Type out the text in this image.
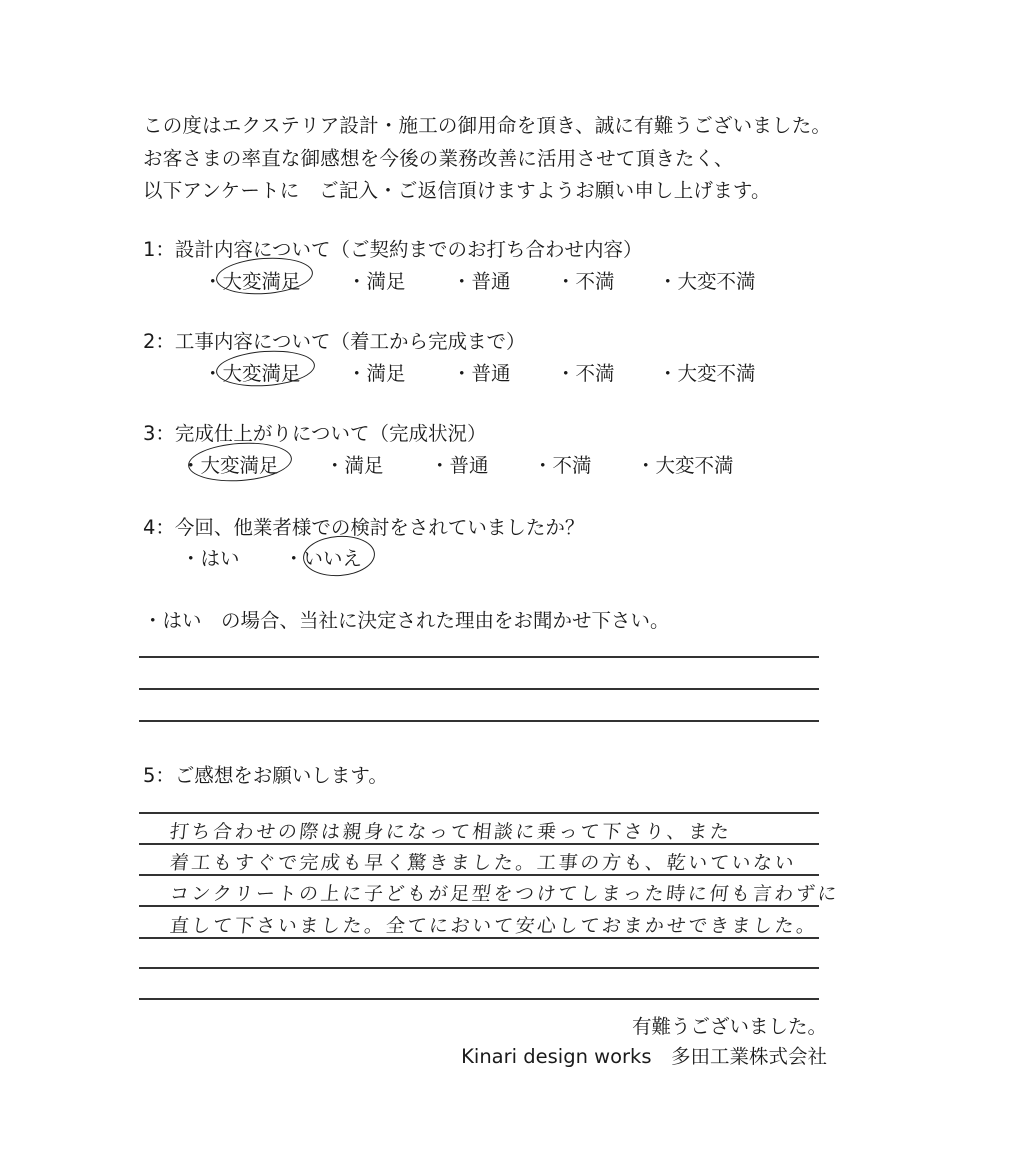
この度はエクステリア設計・施工の御用命を頂き、誠に有難うございました。
お客さまの率直な御感想を今後の業務改善に活用させて頂きたく、
以下アンケートに　ご記入・ご返信頂けますようお願い申し上げます。
1：設計内容について（ご契約までのお打ち合わせ内容）
・ 大変満足	・ 満足	・ 普通	・ 不満	・ 大変不満
2：工事内容について（着工から完成まで）
・ 大変満足	・ 満足	・ 普通	・ 不満	・ 大変不満
3：完成仕上がりについて（完成状況）
・ 大変満足	・ 満足	・ 普通	・ 不満	・ 大変不満
4：今回、他業者様での検討をされていましたか？
・ はい	・ いいえ
・はい　の場合、当社に決定された理由をお聞かせ下さい。
5：ご感想をお願いします。
打ち合わせの際は親身になって相談に乗って下さり、また
着工もすぐで完成も早く驚きました。工事の方も、乾いていない
コンクリートの上に子どもが足型をつけてしまった時に何も言わずに
直して下さいました。全てにおいて安心しておまかせできました。
有難うございました。
Kinari design works　多田工業株式会社
